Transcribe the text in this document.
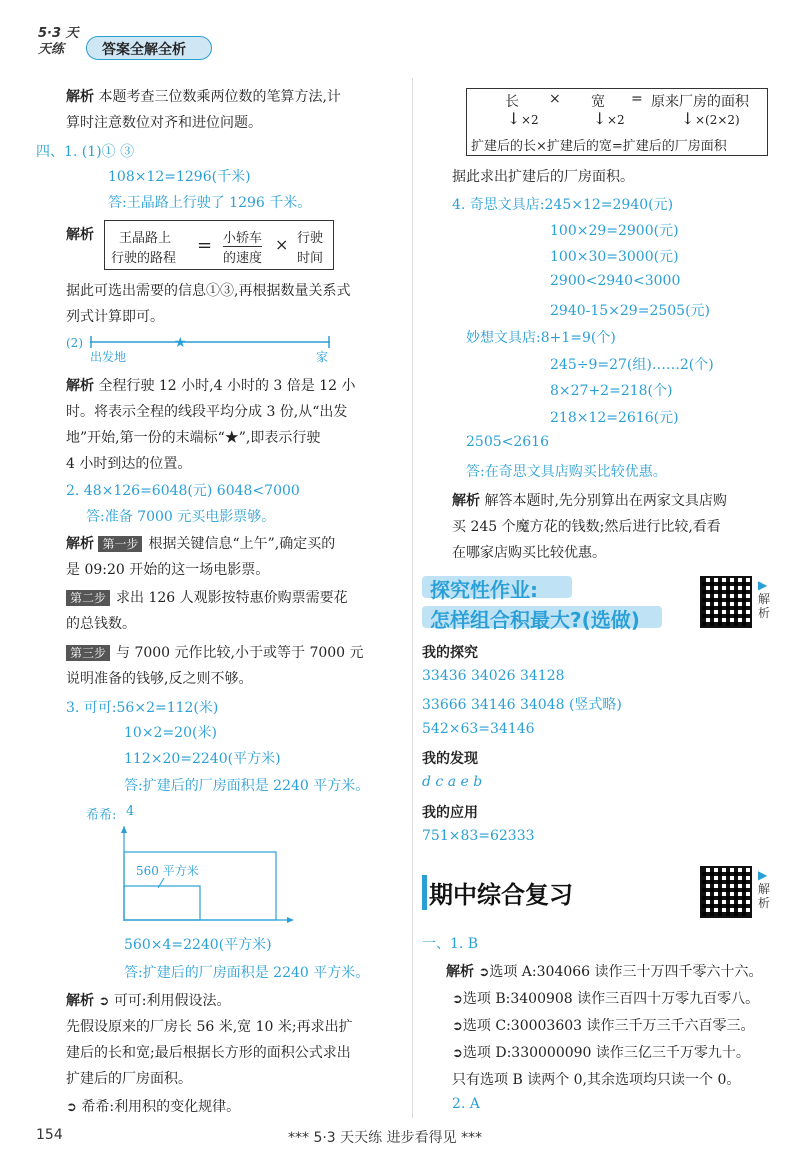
5·3 天天练	答案全解全析
解析 本题考查三位数乘两位数的笔算方法,计
算时注意数位对齐和进位问题。
四、1. (1)① ③
108×12=1296(千米)
答:王晶路上行驶了 1296 千米。
解析 王晶路上
行驶的路程
= 小轿车
的速度
× 行驶
时间
据此可选出需要的信息①③,再根据数量关系式
列式计算即可。
(2)	★
出发地	家
解析 全程行驶 12 小时,4 小时的 3 倍是 12 小
时。将表示全程的线段平均分成 3 份,从“出发
地”开始,第一份的末端标“★”,即表示行驶
4 小时到达的位置。
2. 48×126=6048(元) 6048<7000
答:准备 7000 元买电影票够。
解析 第一步 根据关键信息“上午”,确定买的
是 09:20 开始的这一场电影票。
第二步 求出 126 人观影按特惠价购票需要花
的总钱数。
第三步 与 7000 元作比较,小于或等于 7000 元
说明准备的钱够,反之则不够。
3. 可可:56×2=112(米)
10×2=20(米)
112×20=2240(平方米)
答:扩建后的厂房面积是 2240 平方米。
希希: 4
560 平方米
560×4=2240(平方米)
答:扩建后的厂房面积是 2240 平方米。
解析 ➲ 可可:利用假设法。
先假设原来的厂房长 56 米,宽 10 米;再求出扩
建后的长和宽;最后根据长方形的面积公式求出
扩建后的厂房面积。
➲ 希希:利用积的变化规律。
长 × 宽 = 原来厂房的面积
↓ ×2	↓ ×2	↓ ×(2×2)
扩建后的长×扩建后的宽=扩建后的厂房面积
据此求出扩建后的厂房面积。
4. 奇思文具店:245×12=2940(元)
100×29=2900(元)
100×30=3000(元)
2900<2940<3000
2940-15×29=2505(元)
妙想文具店:8+1=9(个)
245÷9=27(组)……2(个)
8×27+2=218(个)
218×12=2616(元)
2505<2616
答:在奇思文具店购买比较优惠。
解析 解答本题时,先分别算出在两家文具店购
买 245 个魔方花的钱数;然后进行比较,看看
在哪家店购买比较优惠。
探究性作业:
怎样组合积最大?(选做)
▶
解析
我的探究
33436 34026 34128
33666 34146 34048 (竖式略)
542×63=34146
我的发现
d c a e b
我的应用
751×83=62333
期中综合复习
▶
解析
一、1. B
解析 ➲选项 A:304066 读作三十万四千零六十六。
➲选项 B:3400908 读作三百四十万零九百零八。
➲选项 C:30003603 读作三千万三千六百零三。
➲选项 D:330000090 读作三亿三千万零九十。
只有选项 B 读两个 0,其余选项均只读一个 0。
2. A
154	*** 5·3 天天练 进步看得见 ***
